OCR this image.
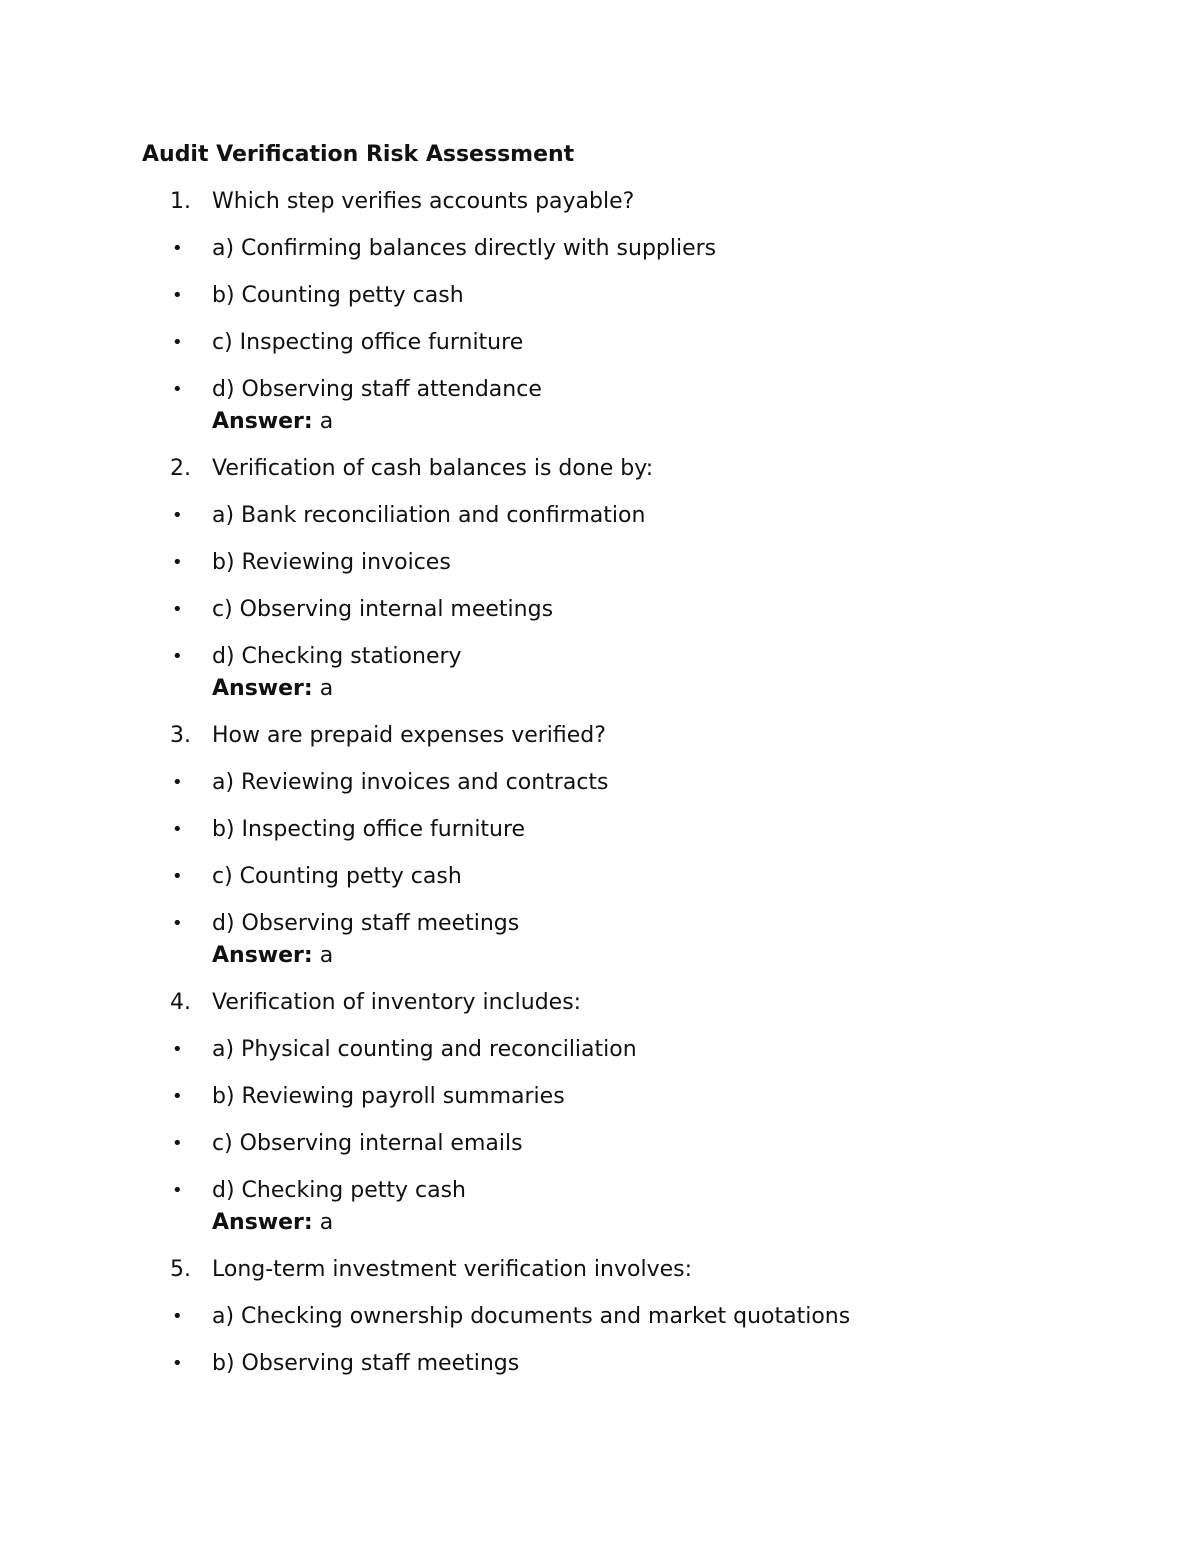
Audit Verification Risk Assessment
1. Which step verifies accounts payable?
•	a) Confirming balances directly with suppliers
•	b) Counting petty cash
•	c) Inspecting office furniture
•	d) Observing staff attendance
Answer: a
2. Verification of cash balances is done by:
•	a) Bank reconciliation and confirmation
•	b) Reviewing invoices
•	c) Observing internal meetings
•	d) Checking stationery
Answer: a
3. How are prepaid expenses verified?
•	a) Reviewing invoices and contracts
•	b) Inspecting office furniture
•	c) Counting petty cash
•	d) Observing staff meetings
Answer: a
4. Verification of inventory includes:
•	a) Physical counting and reconciliation
•	b) Reviewing payroll summaries
•	c) Observing internal emails
•	d) Checking petty cash
Answer: a
5. Long-term investment verification involves:
•	a) Checking ownership documents and market quotations
•	b) Observing staff meetings
